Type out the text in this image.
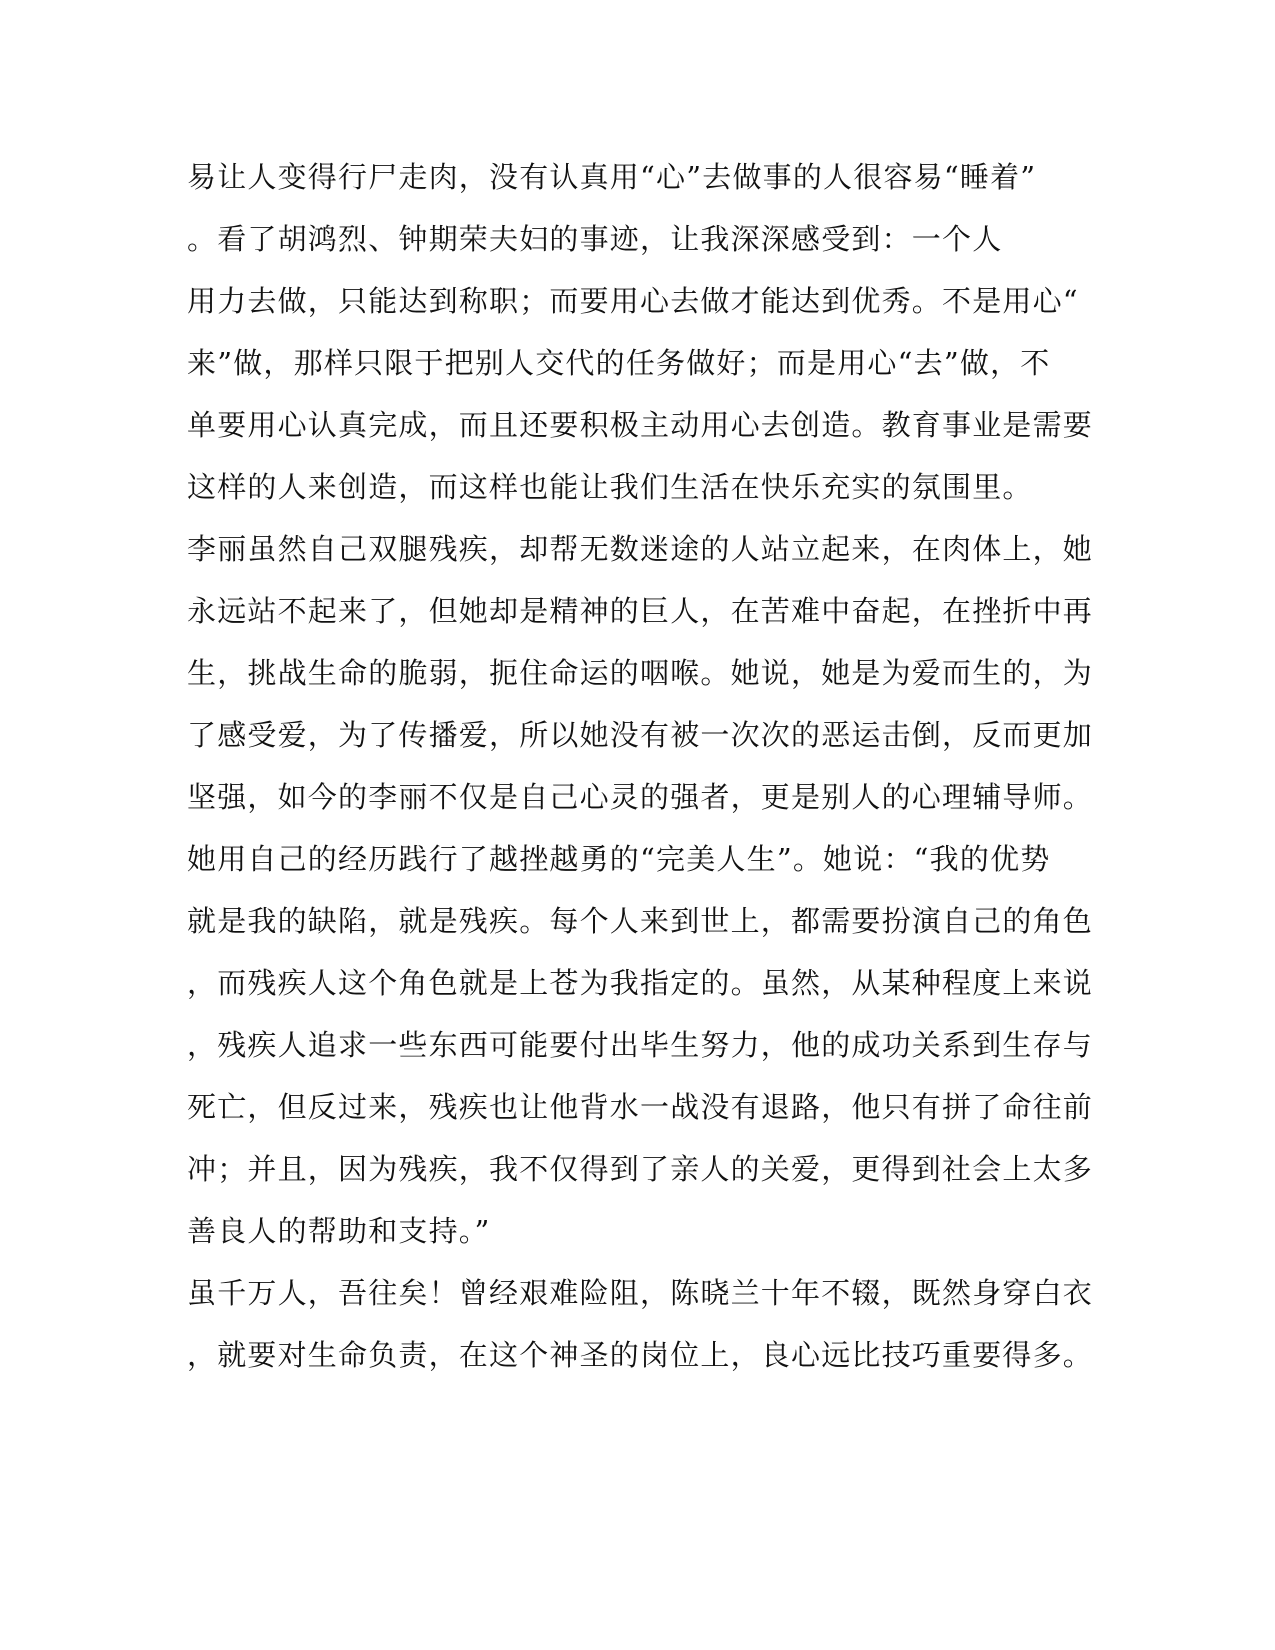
易让人变得行尸走肉，没有认真用“心”去做事的人很容易“睡着”
。看了胡鸿烈、钟期荣夫妇的事迹，让我深深感受到：一个人
用力去做，只能达到称职；而要用心去做才能达到优秀。不是用心“
来”做，那样只限于把别人交代的任务做好；而是用心“去”做，不
单要用心认真完成，而且还要积极主动用心去创造。教育事业是需要
这样的人来创造，而这样也能让我们生活在快乐充实的氛围里。
李丽虽然自己双腿残疾，却帮无数迷途的人站立起来，在肉体上，她
永远站不起来了，但她却是精神的巨人，在苦难中奋起，在挫折中再
生，挑战生命的脆弱，扼住命运的咽喉。她说，她是为爱而生的，为
了感受爱，为了传播爱，所以她没有被一次次的恶运击倒，反而更加
坚强，如今的李丽不仅是自己心灵的强者，更是别人的心理辅导师。
她用自己的经历践行了越挫越勇的“完美人生”。她说：“我的优势
就是我的缺陷，就是残疾。每个人来到世上，都需要扮演自己的角色
，而残疾人这个角色就是上苍为我指定的。虽然，从某种程度上来说
，残疾人追求一些东西可能要付出毕生努力，他的成功关系到生存与
死亡，但反过来，残疾也让他背水一战没有退路，他只有拼了命往前
冲；并且，因为残疾，我不仅得到了亲人的关爱，更得到社会上太多
善良人的帮助和支持。”
虽千万人，吾往矣！曾经艰难险阻，陈晓兰十年不辍，既然身穿白衣
，就要对生命负责，在这个神圣的岗位上，良心远比技巧重要得多。
